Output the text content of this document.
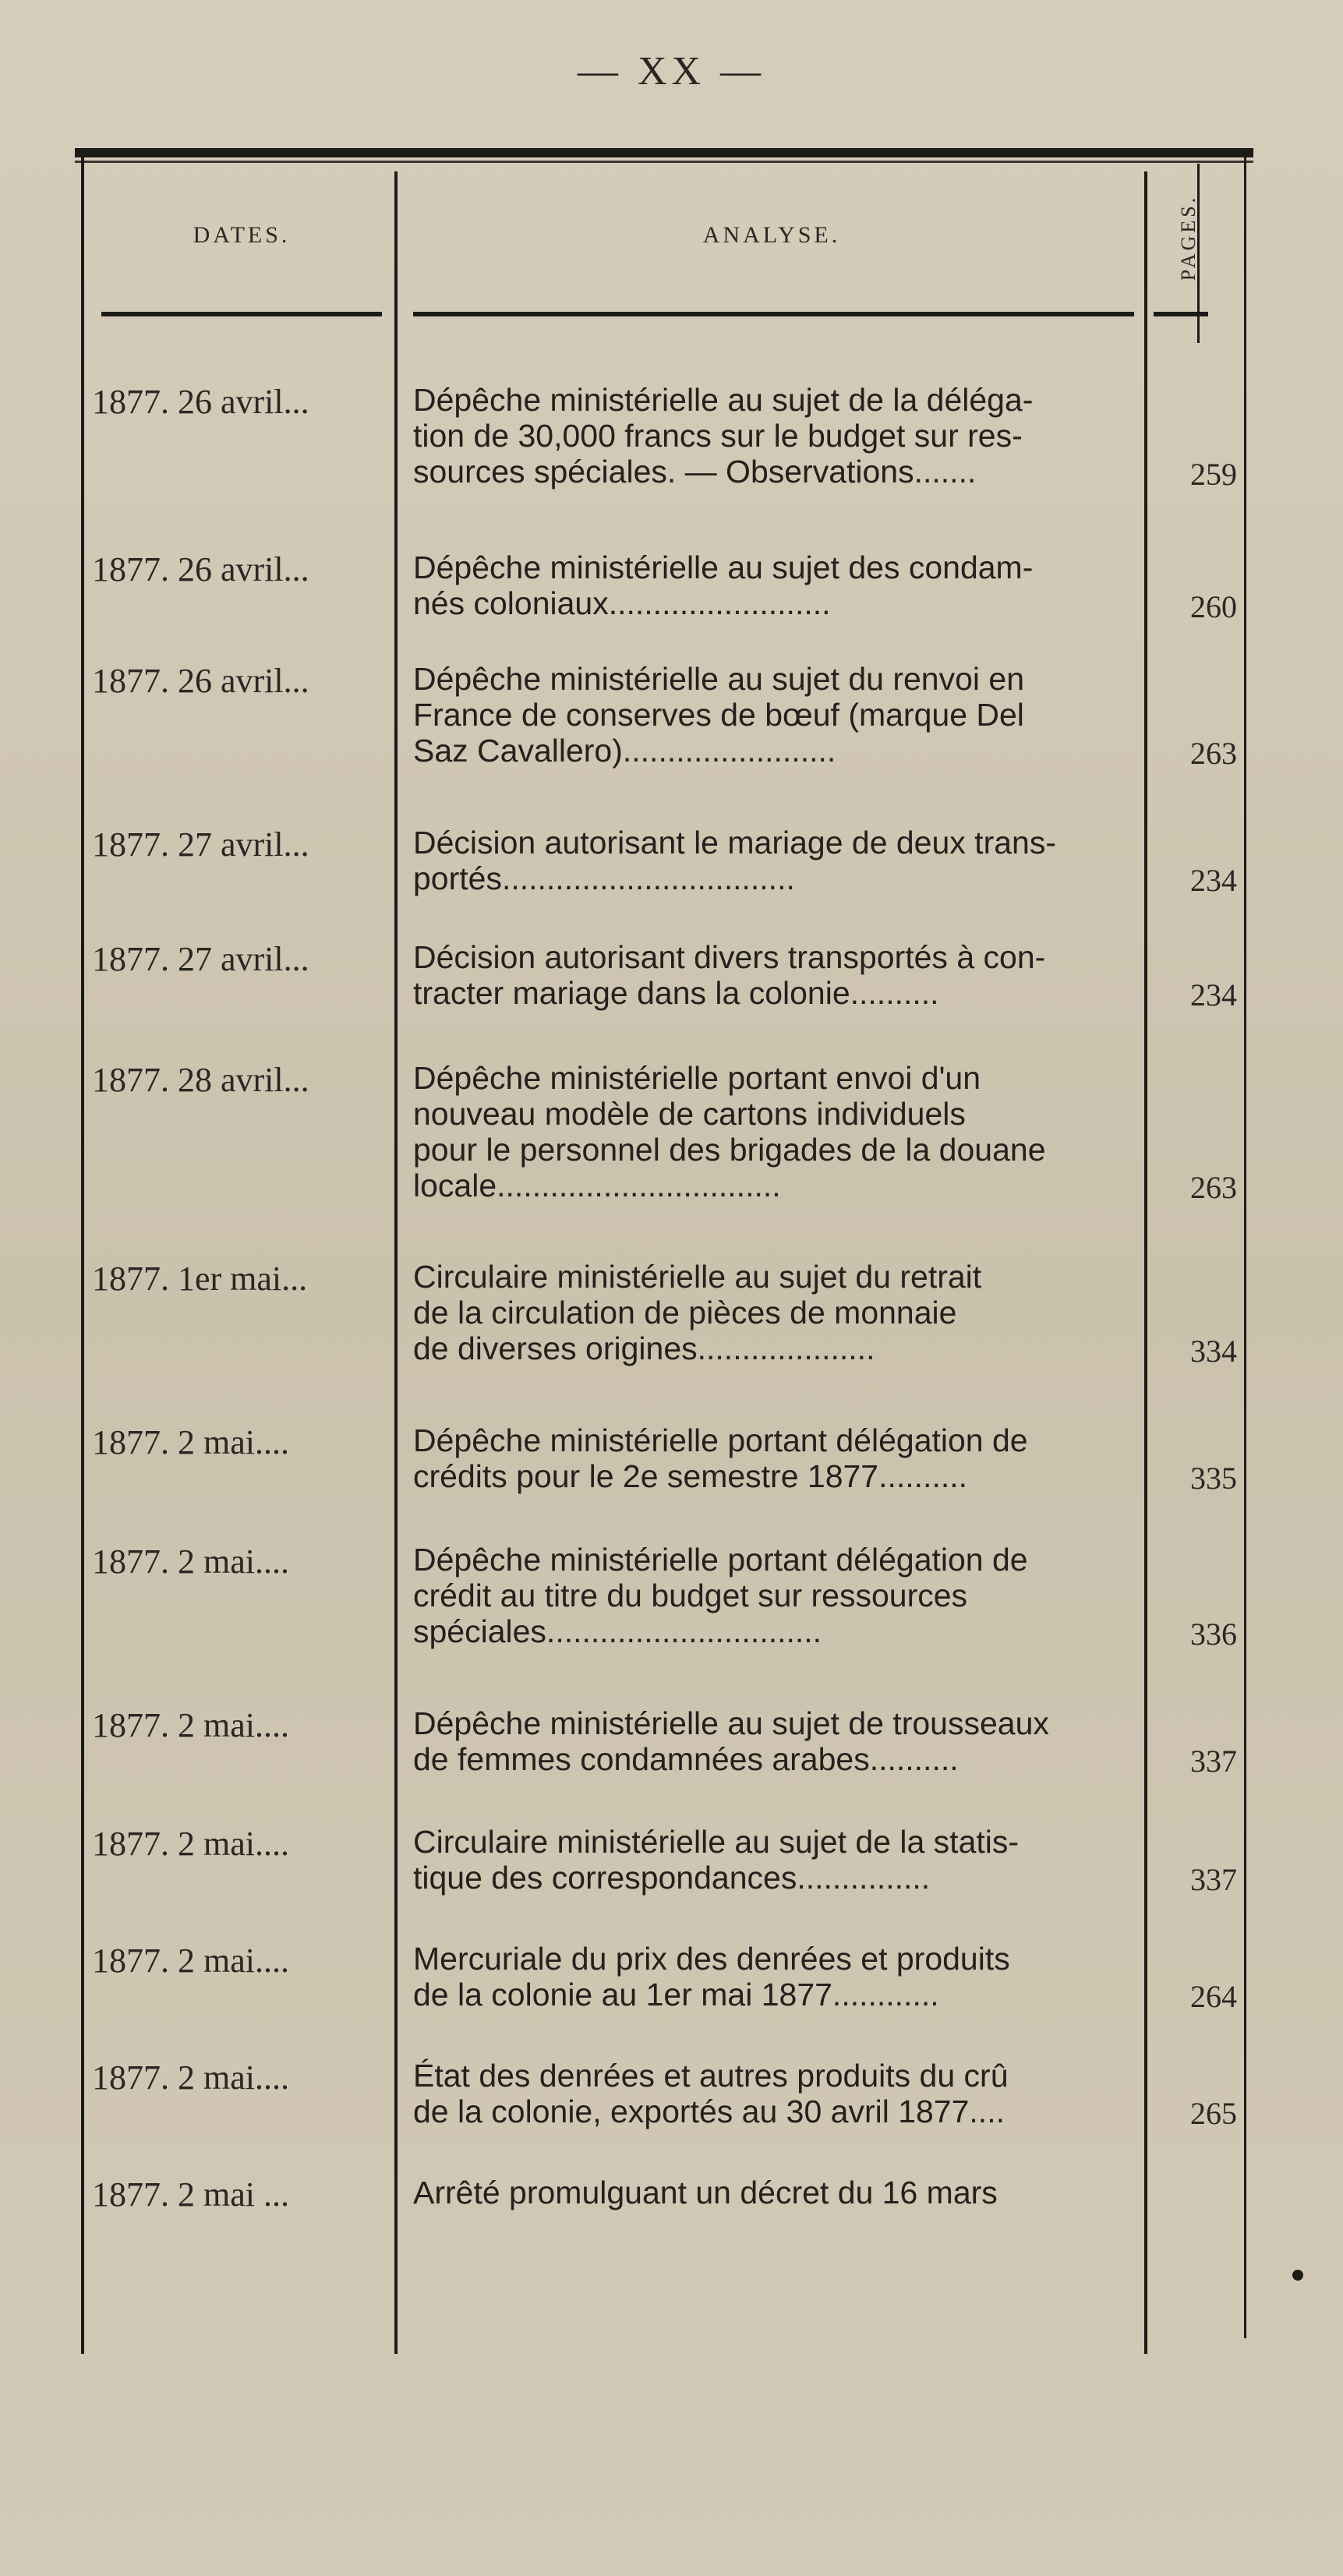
— XX —
DATES.	ANALYSE.	PAGES.
1877. 26 avril...	Dépêche ministérielle au sujet de la déléga-
tion de 30,000 francs sur le budget sur res-
sources spéciales. — Observations.......	259
1877. 26 avril...	Dépêche ministérielle au sujet des condam-
nés coloniaux.........................	260
1877. 26 avril...	Dépêche ministérielle au sujet du renvoi en
France de conserves de bœuf (marque Del
Saz Cavallero)........................	263
1877. 27 avril...	Décision autorisant le mariage de deux trans-
portés.................................	234
1877. 27 avril...	Décision autorisant divers transportés à con-
tracter mariage dans la colonie..........	234
1877. 28 avril...	Dépêche ministérielle portant envoi d'un
nouveau modèle de cartons individuels
pour le personnel des brigades de la douane
locale................................	263
1877. 1er mai...	Circulaire ministérielle au sujet du retrait
de la circulation de pièces de monnaie
de diverses origines....................	334
1877. 2 mai....	Dépêche ministérielle portant délégation de
crédits pour le 2e semestre 1877..........	335
1877. 2 mai....	Dépêche ministérielle portant délégation de
crédit au titre du budget sur ressources
spéciales...............................	336
1877. 2 mai....	Dépêche ministérielle au sujet de trousseaux
de femmes condamnées arabes..........	337
1877. 2 mai....	Circulaire ministérielle au sujet de la statis-
tique des correspondances...............	337
1877. 2 mai....	Mercuriale du prix des denrées et produits
de la colonie au 1er mai 1877............	264
1877. 2 mai....	État des denrées et autres produits du crû
de la colonie, exportés au 30 avril 1877....	265
1877. 2 mai ...	Arrêté promulguant un décret du 16 mars
